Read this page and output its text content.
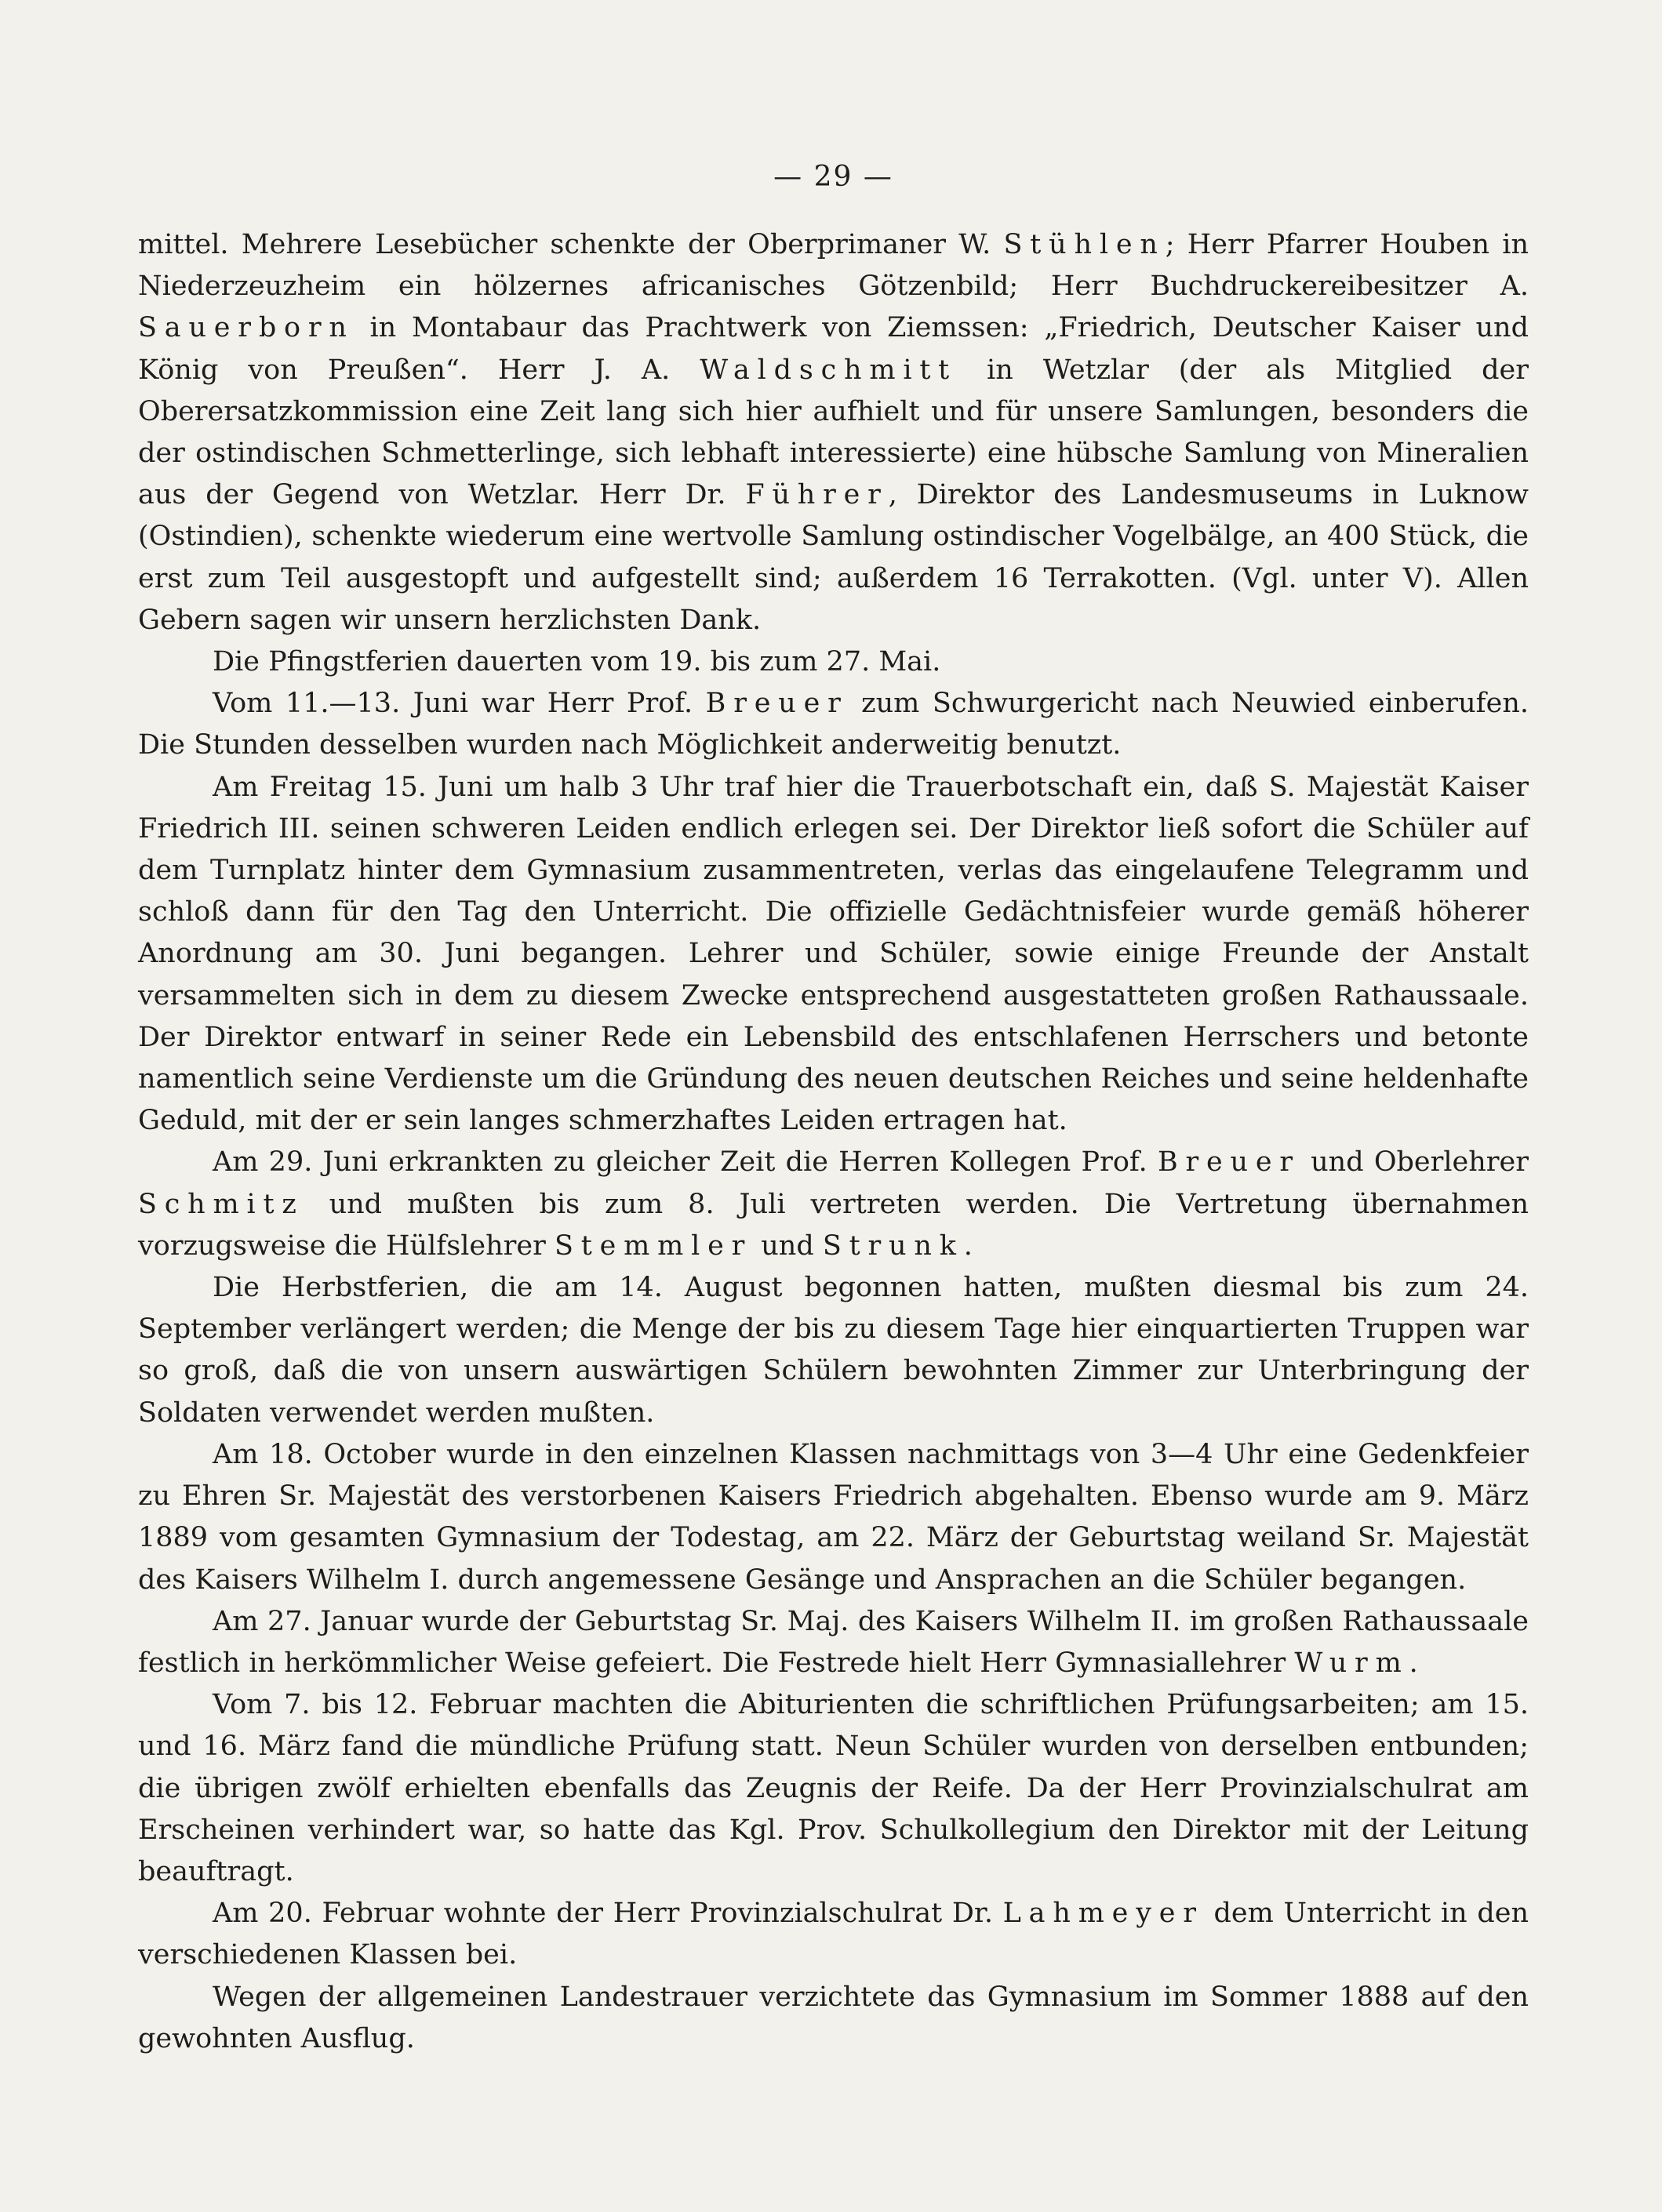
— 29 —

mittel. Mehrere Lesebücher schenkte der Oberprimaner W. Stühlen; Herr Pfarrer Houben in Niederzeuzheim ein hölzernes africanisches Götzenbild; Herr Buchdruckereibesitzer A. Sauerborn in Montabaur das Prachtwerk von Ziemssen: „Friedrich, Deutscher Kaiser und König von Preußen“. Herr J. A. Waldschmitt in Wetzlar (der als Mitglied der Oberersatzkommission eine Zeit lang sich hier aufhielt und für unsere Samlungen, besonders die der ostindischen Schmetterlinge, sich lebhaft interessierte) eine hübsche Samlung von Mineralien aus der Gegend von Wetzlar. Herr Dr. Führer, Direktor des Landesmuseums in Luknow (Ostindien), schenkte wiederum eine wertvolle Samlung ostindischer Vogelbälge, an 400 Stück, die erst zum Teil ausgestopft und aufgestellt sind; außerdem 16 Terrakotten. (Vgl. unter V). Allen Gebern sagen wir unsern herzlichsten Dank.

Die Pfingstferien dauerten vom 19. bis zum 27. Mai.

Vom 11.—13. Juni war Herr Prof. Breuer zum Schwurgericht nach Neuwied einberufen. Die Stunden desselben wurden nach Möglichkeit anderweitig benutzt.

Am Freitag 15. Juni um halb 3 Uhr traf hier die Trauerbotschaft ein, daß S. Majestät Kaiser Friedrich III. seinen schweren Leiden endlich erlegen sei. Der Direktor ließ sofort die Schüler auf dem Turnplatz hinter dem Gymnasium zusammentreten, verlas das eingelaufene Telegramm und schloß dann für den Tag den Unterricht. Die offizielle Gedächtnisfeier wurde gemäß höherer Anordnung am 30. Juni begangen. Lehrer und Schüler, sowie einige Freunde der Anstalt versammelten sich in dem zu diesem Zwecke entsprechend ausgestatteten großen Rathaussaale. Der Direktor entwarf in seiner Rede ein Lebensbild des entschlafenen Herrschers und betonte namentlich seine Verdienste um die Gründung des neuen deutschen Reiches und seine heldenhafte Geduld, mit der er sein langes schmerzhaftes Leiden ertragen hat.

Am 29. Juni erkrankten zu gleicher Zeit die Herren Kollegen Prof. Breuer und Oberlehrer Schmitz und mußten bis zum 8. Juli vertreten werden. Die Vertretung übernahmen vorzugsweise die Hülfslehrer Stemmler und Strunk.

Die Herbstferien, die am 14. August begonnen hatten, mußten diesmal bis zum 24. September verlängert werden; die Menge der bis zu diesem Tage hier einquartierten Truppen war so groß, daß die von unsern auswärtigen Schülern bewohnten Zimmer zur Unterbringung der Soldaten verwendet werden mußten.

Am 18. October wurde in den einzelnen Klassen nachmittags von 3—4 Uhr eine Gedenkfeier zu Ehren Sr. Majestät des verstorbenen Kaisers Friedrich abgehalten. Ebenso wurde am 9. März 1889 vom gesamten Gymnasium der Todestag, am 22. März der Geburtstag weiland Sr. Majestät des Kaisers Wilhelm I. durch angemessene Gesänge und Ansprachen an die Schüler begangen.

Am 27. Januar wurde der Geburtstag Sr. Maj. des Kaisers Wilhelm II. im großen Rathaussaale festlich in herkömmlicher Weise gefeiert. Die Festrede hielt Herr Gymnasiallehrer Wurm.

Vom 7. bis 12. Februar machten die Abiturienten die schriftlichen Prüfungsarbeiten; am 15. und 16. März fand die mündliche Prüfung statt. Neun Schüler wurden von derselben entbunden; die übrigen zwölf erhielten ebenfalls das Zeugnis der Reife. Da der Herr Provinzialschulrat am Erscheinen verhindert war, so hatte das Kgl. Prov. Schulkollegium den Direktor mit der Leitung beauftragt.

Am 20. Februar wohnte der Herr Provinzialschulrat Dr. Lahmeyer dem Unterricht in den verschiedenen Klassen bei.

Wegen der allgemeinen Landestrauer verzichtete das Gymnasium im Sommer 1888 auf den gewohnten Ausflug.
